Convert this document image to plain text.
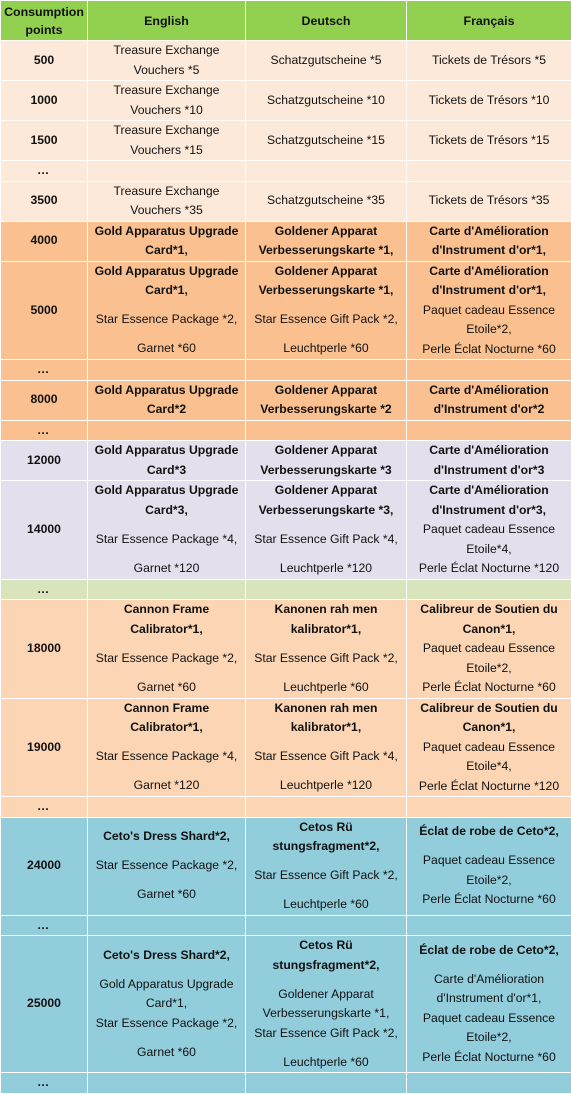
Consumption points	English	Deutsch	Français
500	Treasure Exchange Vouchers *5	Schatzgutscheine *5	Tickets de Trésors *5

1000	Treasure Exchange Vouchers *10	Schatzgutscheine *10	Tickets de Trésors *10

1500	Treasure Exchange Vouchers *15	Schatzgutscheine *15	Tickets de Trésors *15

…			
3500	Treasure Exchange Vouchers *35	Schatzgutscheine *35	Tickets de Trésors *35

4000	Gold Apparatus Upgrade Card*1,	Goldener Apparat Verbesserungskarte *1,	Carte d'Amélioration d'Instrument d'or*1,

5000	Gold Apparatus Upgrade Card*1,
Star Essence Package *2,
Garnet *60	Goldener Apparat Verbesserungskarte *1,
Star Essence Gift Pack *2,
Leuchtperle *60	Carte d'Amélioration d'Instrument d'or*1,
Paquet cadeau Essence Etoile*2,
Perle Éclat Nocturne *60

…			
8000	Gold Apparatus Upgrade Card*2	Goldener Apparat Verbesserungskarte *2	Carte d'Amélioration d'Instrument d'or*2

…			
12000	Gold Apparatus Upgrade Card*3	Goldener Apparat Verbesserungskarte *3	Carte d'Amélioration d'Instrument d'or*3

14000	Gold Apparatus Upgrade Card*3,
Star Essence Package *4,
Garnet *120	Goldener Apparat Verbesserungskarte *3,
Star Essence Gift Pack *4,
Leuchtperle *120	Carte d'Amélioration d'Instrument d'or*3,
Paquet cadeau Essence Etoile*4,
Perle Éclat Nocturne *120

…			
18000	Cannon Frame Calibrator*1,
Star Essence Package *2,
Garnet *60	Kanonen rah men kalibrator*1,
Star Essence Gift Pack *2,
Leuchtperle *60	Calibreur de Soutien du Canon*1,
Paquet cadeau Essence Etoile*2,
Perle Éclat Nocturne *60

19000	Cannon Frame Calibrator*1,
Star Essence Package *4,
Garnet *120	Kanonen rah men kalibrator*1,
Star Essence Gift Pack *4,
Leuchtperle *120	Calibreur de Soutien du Canon*1,
Paquet cadeau Essence Etoile*4,
Perle Éclat Nocturne *120

…			
24000	Ceto's Dress Shard*2,
Star Essence Package *2,
Garnet *60	Cetos Rü stungsfragment*2,
Star Essence Gift Pack *2,
Leuchtperle *60	Éclat de robe de Ceto*2,
Paquet cadeau Essence Etoile*2,
Perle Éclat Nocturne *60

…			
25000	Ceto's Dress Shard*2,
Gold Apparatus Upgrade Card*1,
Star Essence Package *2,
Garnet *60	Cetos Rü stungsfragment*2,
Goldener Apparat Verbesserungskarte *1,
Star Essence Gift Pack *2,
Leuchtperle *60	Éclat de robe de Ceto*2,
Carte d'Amélioration d'Instrument d'or*1,
Paquet cadeau Essence Etoile*2,
Perle Éclat Nocturne *60

…			
